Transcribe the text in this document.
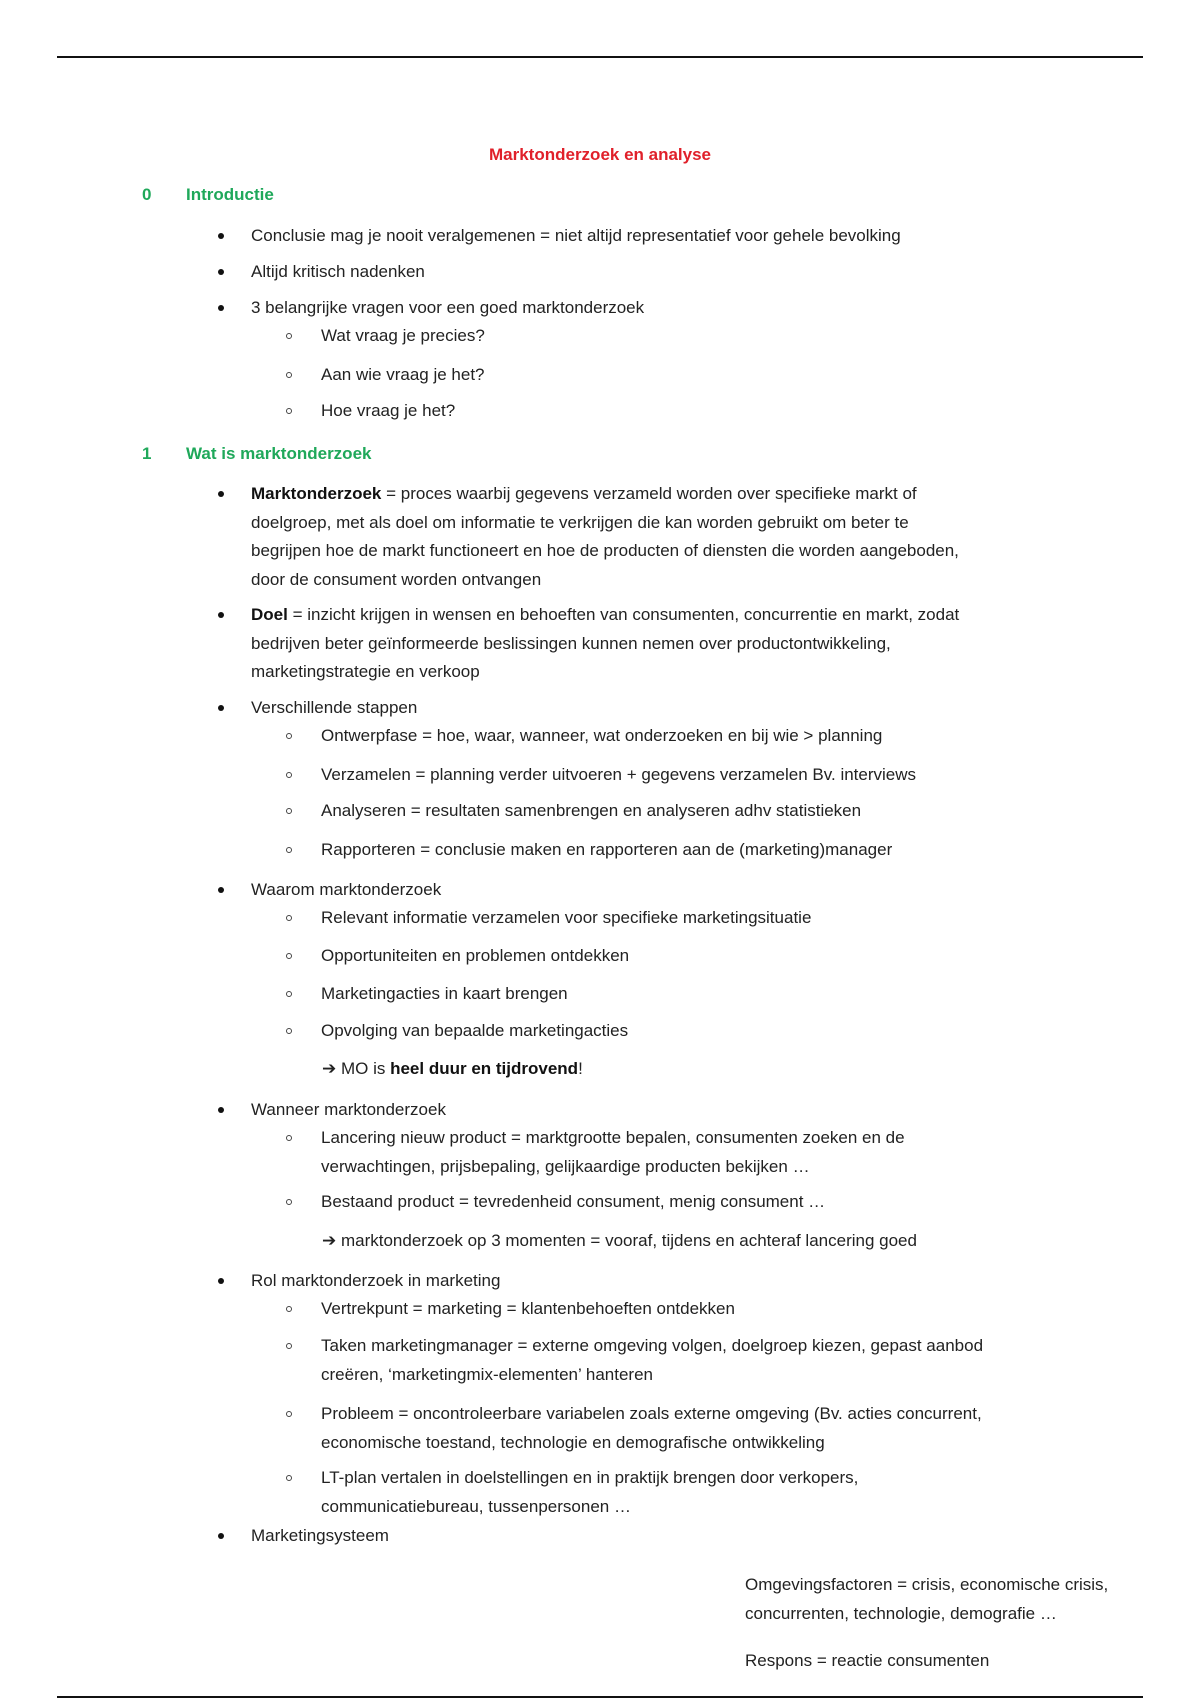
Marktonderzoek en analyse
0 Introductie
Conclusie mag je nooit veralgemenen = niet altijd representatief voor gehele bevolking
Altijd kritisch nadenken
3 belangrijke vragen voor een goed marktonderzoek
Wat vraag je precies?
Aan wie vraag je het?
Hoe vraag je het?
1 Wat is marktonderzoek
Marktonderzoek = proces waarbij gegevens verzameld worden over specifieke markt of
doelgroep, met als doel om informatie te verkrijgen die kan worden gebruikt om beter te
begrijpen hoe de markt functioneert en hoe de producten of diensten die worden aangeboden,
door de consument worden ontvangen
Doel = inzicht krijgen in wensen en behoeften van consumenten, concurrentie en markt, zodat
bedrijven beter geïnformeerde beslissingen kunnen nemen over productontwikkeling,
marketingstrategie en verkoop
Verschillende stappen
Ontwerpfase = hoe, waar, wanneer, wat onderzoeken en bij wie > planning
Verzamelen = planning verder uitvoeren + gegevens verzamelen Bv. interviews
Analyseren = resultaten samenbrengen en analyseren adhv statistieken
Rapporteren = conclusie maken en rapporteren aan de (marketing)manager
Waarom marktonderzoek
Relevant informatie verzamelen voor specifieke marketingsituatie
Opportuniteiten en problemen ontdekken
Marketingacties in kaart brengen
Opvolging van bepaalde marketingacties
➔ MO is heel duur en tijdrovend!
Wanneer marktonderzoek
Lancering nieuw product = marktgrootte bepalen, consumenten zoeken en de
verwachtingen, prijsbepaling, gelijkaardige producten bekijken …
Bestaand product = tevredenheid consument, menig consument …
➔ marktonderzoek op 3 momenten = vooraf, tijdens en achteraf lancering goed
Rol marktonderzoek in marketing
Vertrekpunt = marketing = klantenbehoeften ontdekken
Taken marketingmanager = externe omgeving volgen, doelgroep kiezen, gepast aanbod
creëren, ‘marketingmix-elementen’ hanteren
Probleem = oncontroleerbare variabelen zoals externe omgeving (Bv. acties concurrent,
economische toestand, technologie en demografische ontwikkeling
LT-plan vertalen in doelstellingen en in praktijk brengen door verkopers,
communicatiebureau, tussenpersonen …
Marketingsysteem
Omgevingsfactoren = crisis, economische crisis,
concurrenten, technologie, demografie …
Respons = reactie consumenten
